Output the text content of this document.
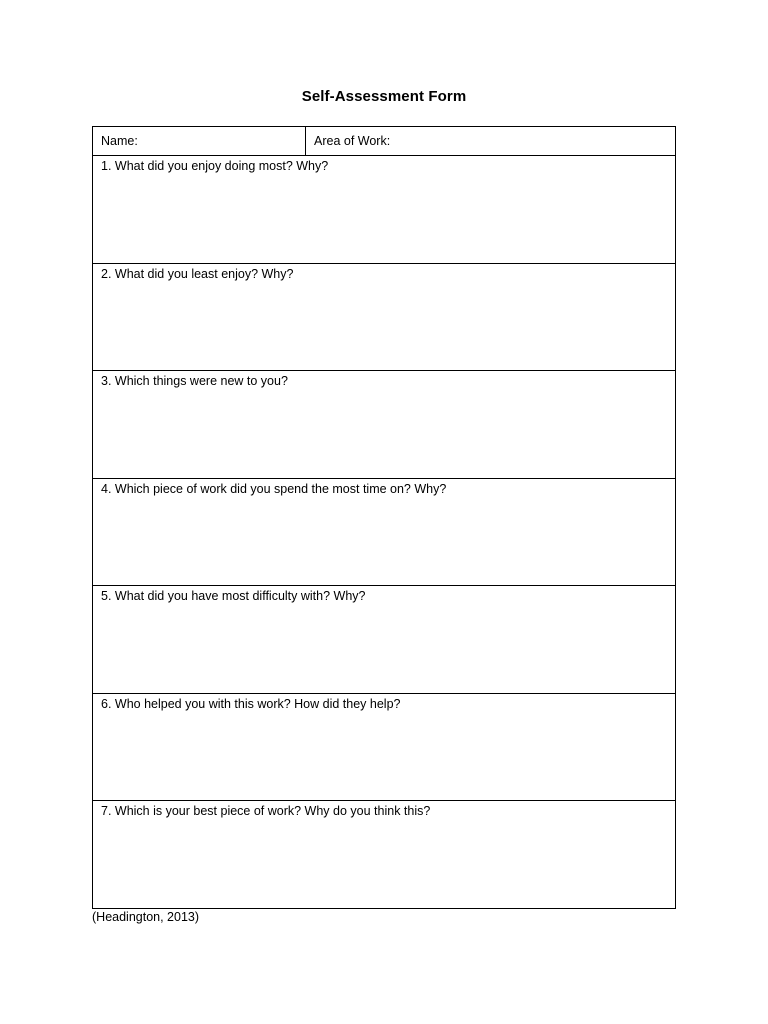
Self-Assessment Form
Name:	Area of Work:
1. What did you enjoy doing most? Why?
2. What did you least enjoy? Why?
3. Which things were new to you?
4. Which piece of work did you spend the most time on? Why?
5. What did you have most difficulty with? Why?
6. Who helped you with this work? How did they help?
7. Which is your best piece of work? Why do you think this?
(Headington, 2013)
